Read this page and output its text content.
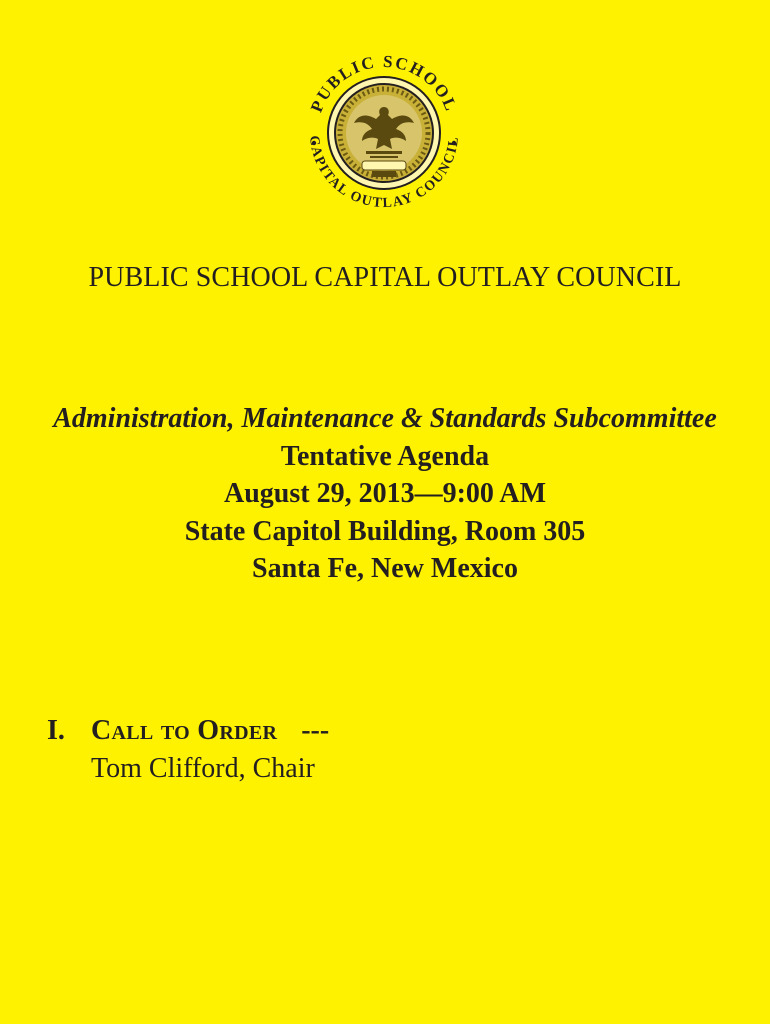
PUBLIC SCHOOL
CAPITAL OUTLAY COUNCIL
PUBLIC SCHOOL CAPITAL OUTLAY COUNCIL
Administration, Maintenance & Standards Subcommittee
Tentative Agenda
August 29, 2013—9:00 AM
State Capitol Building, Room 305
Santa Fe, New Mexico
I. Call to Order ---
Tom Clifford, Chair
